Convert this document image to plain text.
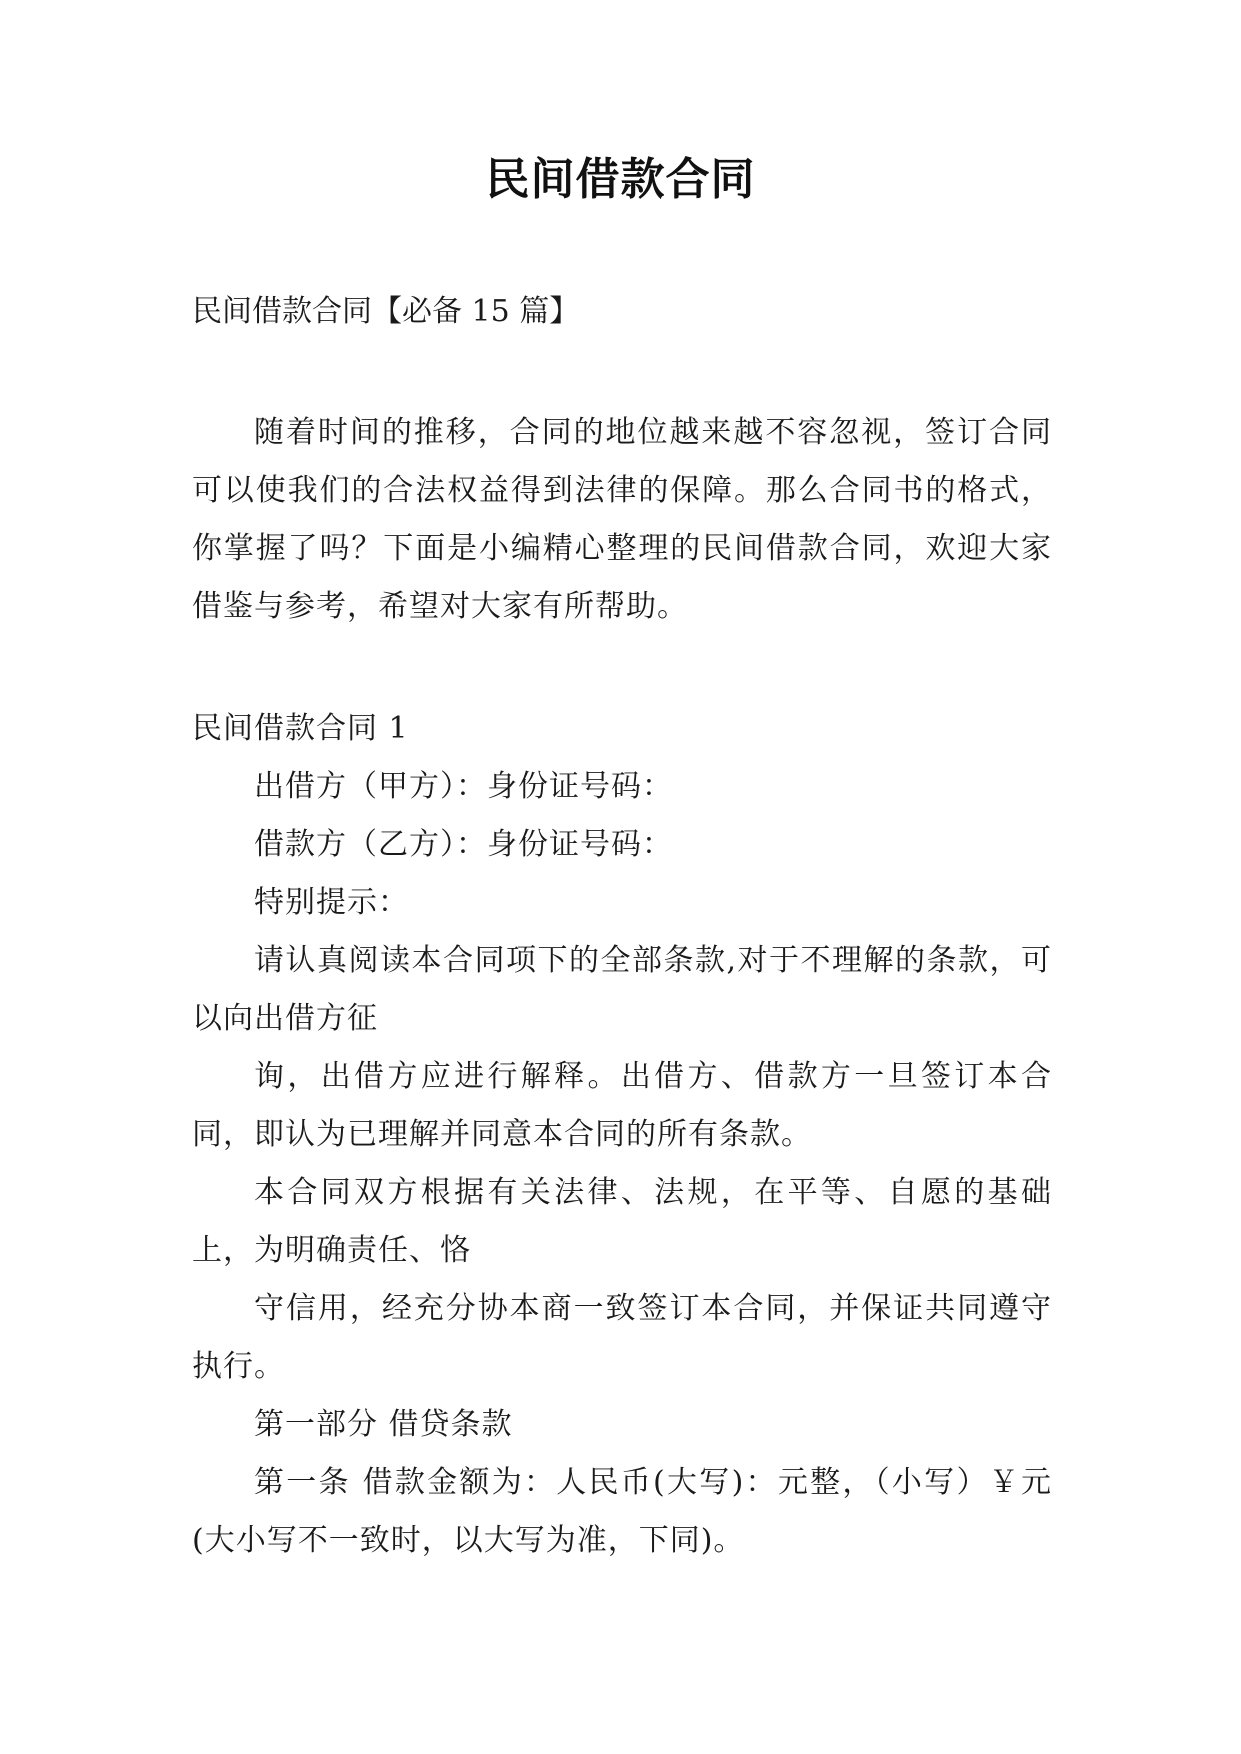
民间借款合同
民间借款合同【必备 15 篇】
随着时间的推移，合同的地位越来越不容忽视，签订合同可以使我们的合法权益得到法律的保障。那么合同书的格式，你掌握了吗？下面是小编精心整理的民间借款合同，欢迎大家借鉴与参考，希望对大家有所帮助。

民间借款合同 1

出借方（甲方）：身份证号码：

借款方（乙方）：身份证号码：

特别提示：

请认真阅读本合同项下的全部条款,对于不理解的条款，可以向出借方征

询，出借方应进行解释。出借方、借款方一旦签订本合同，即认为已理解并同意本合同的所有条款。

本合同双方根据有关法律、法规，在平等、自愿的基础上，为明确责任、恪

守信用，经充分协本商一致签订本合同，并保证共同遵守执行。

第一部分 借贷条款

第一条 借款金额为：人民币(大写)：元整，（小写）￥元(大小写不一致时，以大写为准，下同)。
